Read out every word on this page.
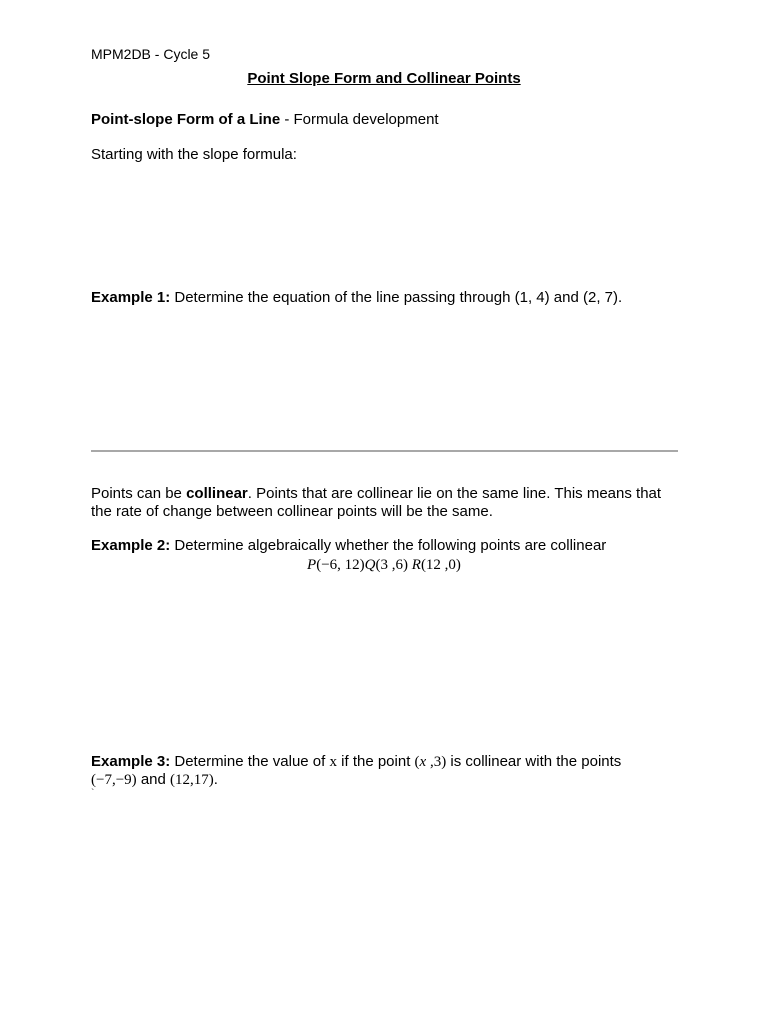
MPM2DB - Cycle 5
Point Slope Form and Collinear Points
Point-slope Form of a Line - Formula development
Starting with the slope formula:
Example 1: Determine the equation of the line passing through (1, 4) and (2, 7).
Points can be collinear. Points that are collinear lie on the same line. This means that the rate of change between collinear points will be the same.
Example 2: Determine algebraically whether the following points are collinear
P(−6, 12)Q(3 ,6) R(12 ,0)
Example 3: Determine the value of x if the point (x ,3) is collinear with the points
(−7,−9) and (12,17).
`
